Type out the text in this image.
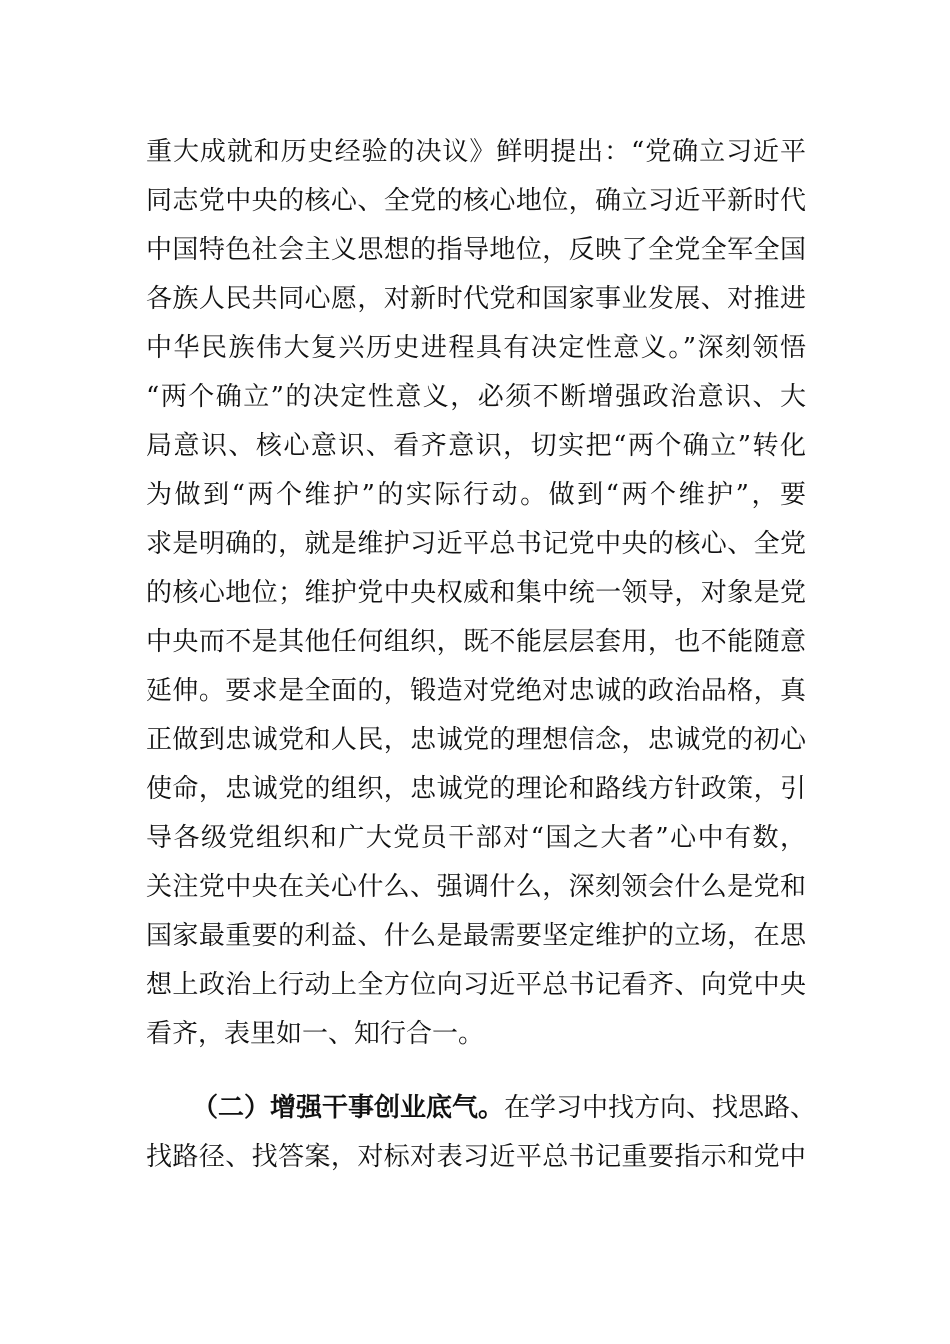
重大成就和历史经验的决议》鲜明提出：“党确立习近平
同志党中央的核心、全党的核心地位，确立习近平新时代
中国特色社会主义思想的指导地位，反映了全党全军全国
各族人民共同心愿，对新时代党和国家事业发展、对推进
中华民族伟大复兴历史进程具有决定性意义。”深刻领悟
“两个确立”的决定性意义，必须不断增强政治意识、大
局意识、核心意识、看齐意识，切实把“两个确立”转化
为做到“两个维护”的实际行动。做到“两个维护”，要
求是明确的，就是维护习近平总书记党中央的核心、全党
的核心地位；维护党中央权威和集中统一领导，对象是党
中央而不是其他任何组织，既不能层层套用，也不能随意
延伸。要求是全面的，锻造对党绝对忠诚的政治品格，真
正做到忠诚党和人民，忠诚党的理想信念，忠诚党的初心
使命，忠诚党的组织，忠诚党的理论和路线方针政策，引
导各级党组织和广大党员干部对“国之大者”心中有数，
关注党中央在关心什么、强调什么，深刻领会什么是党和
国家最重要的利益、什么是最需要坚定维护的立场，在思
想上政治上行动上全方位向习近平总书记看齐、向党中央
看齐，表里如一、知行合一。
（二）增强干事创业底气。在学习中找方向、找思路、
找路径、找答案，对标对表习近平总书记重要指示和党中
